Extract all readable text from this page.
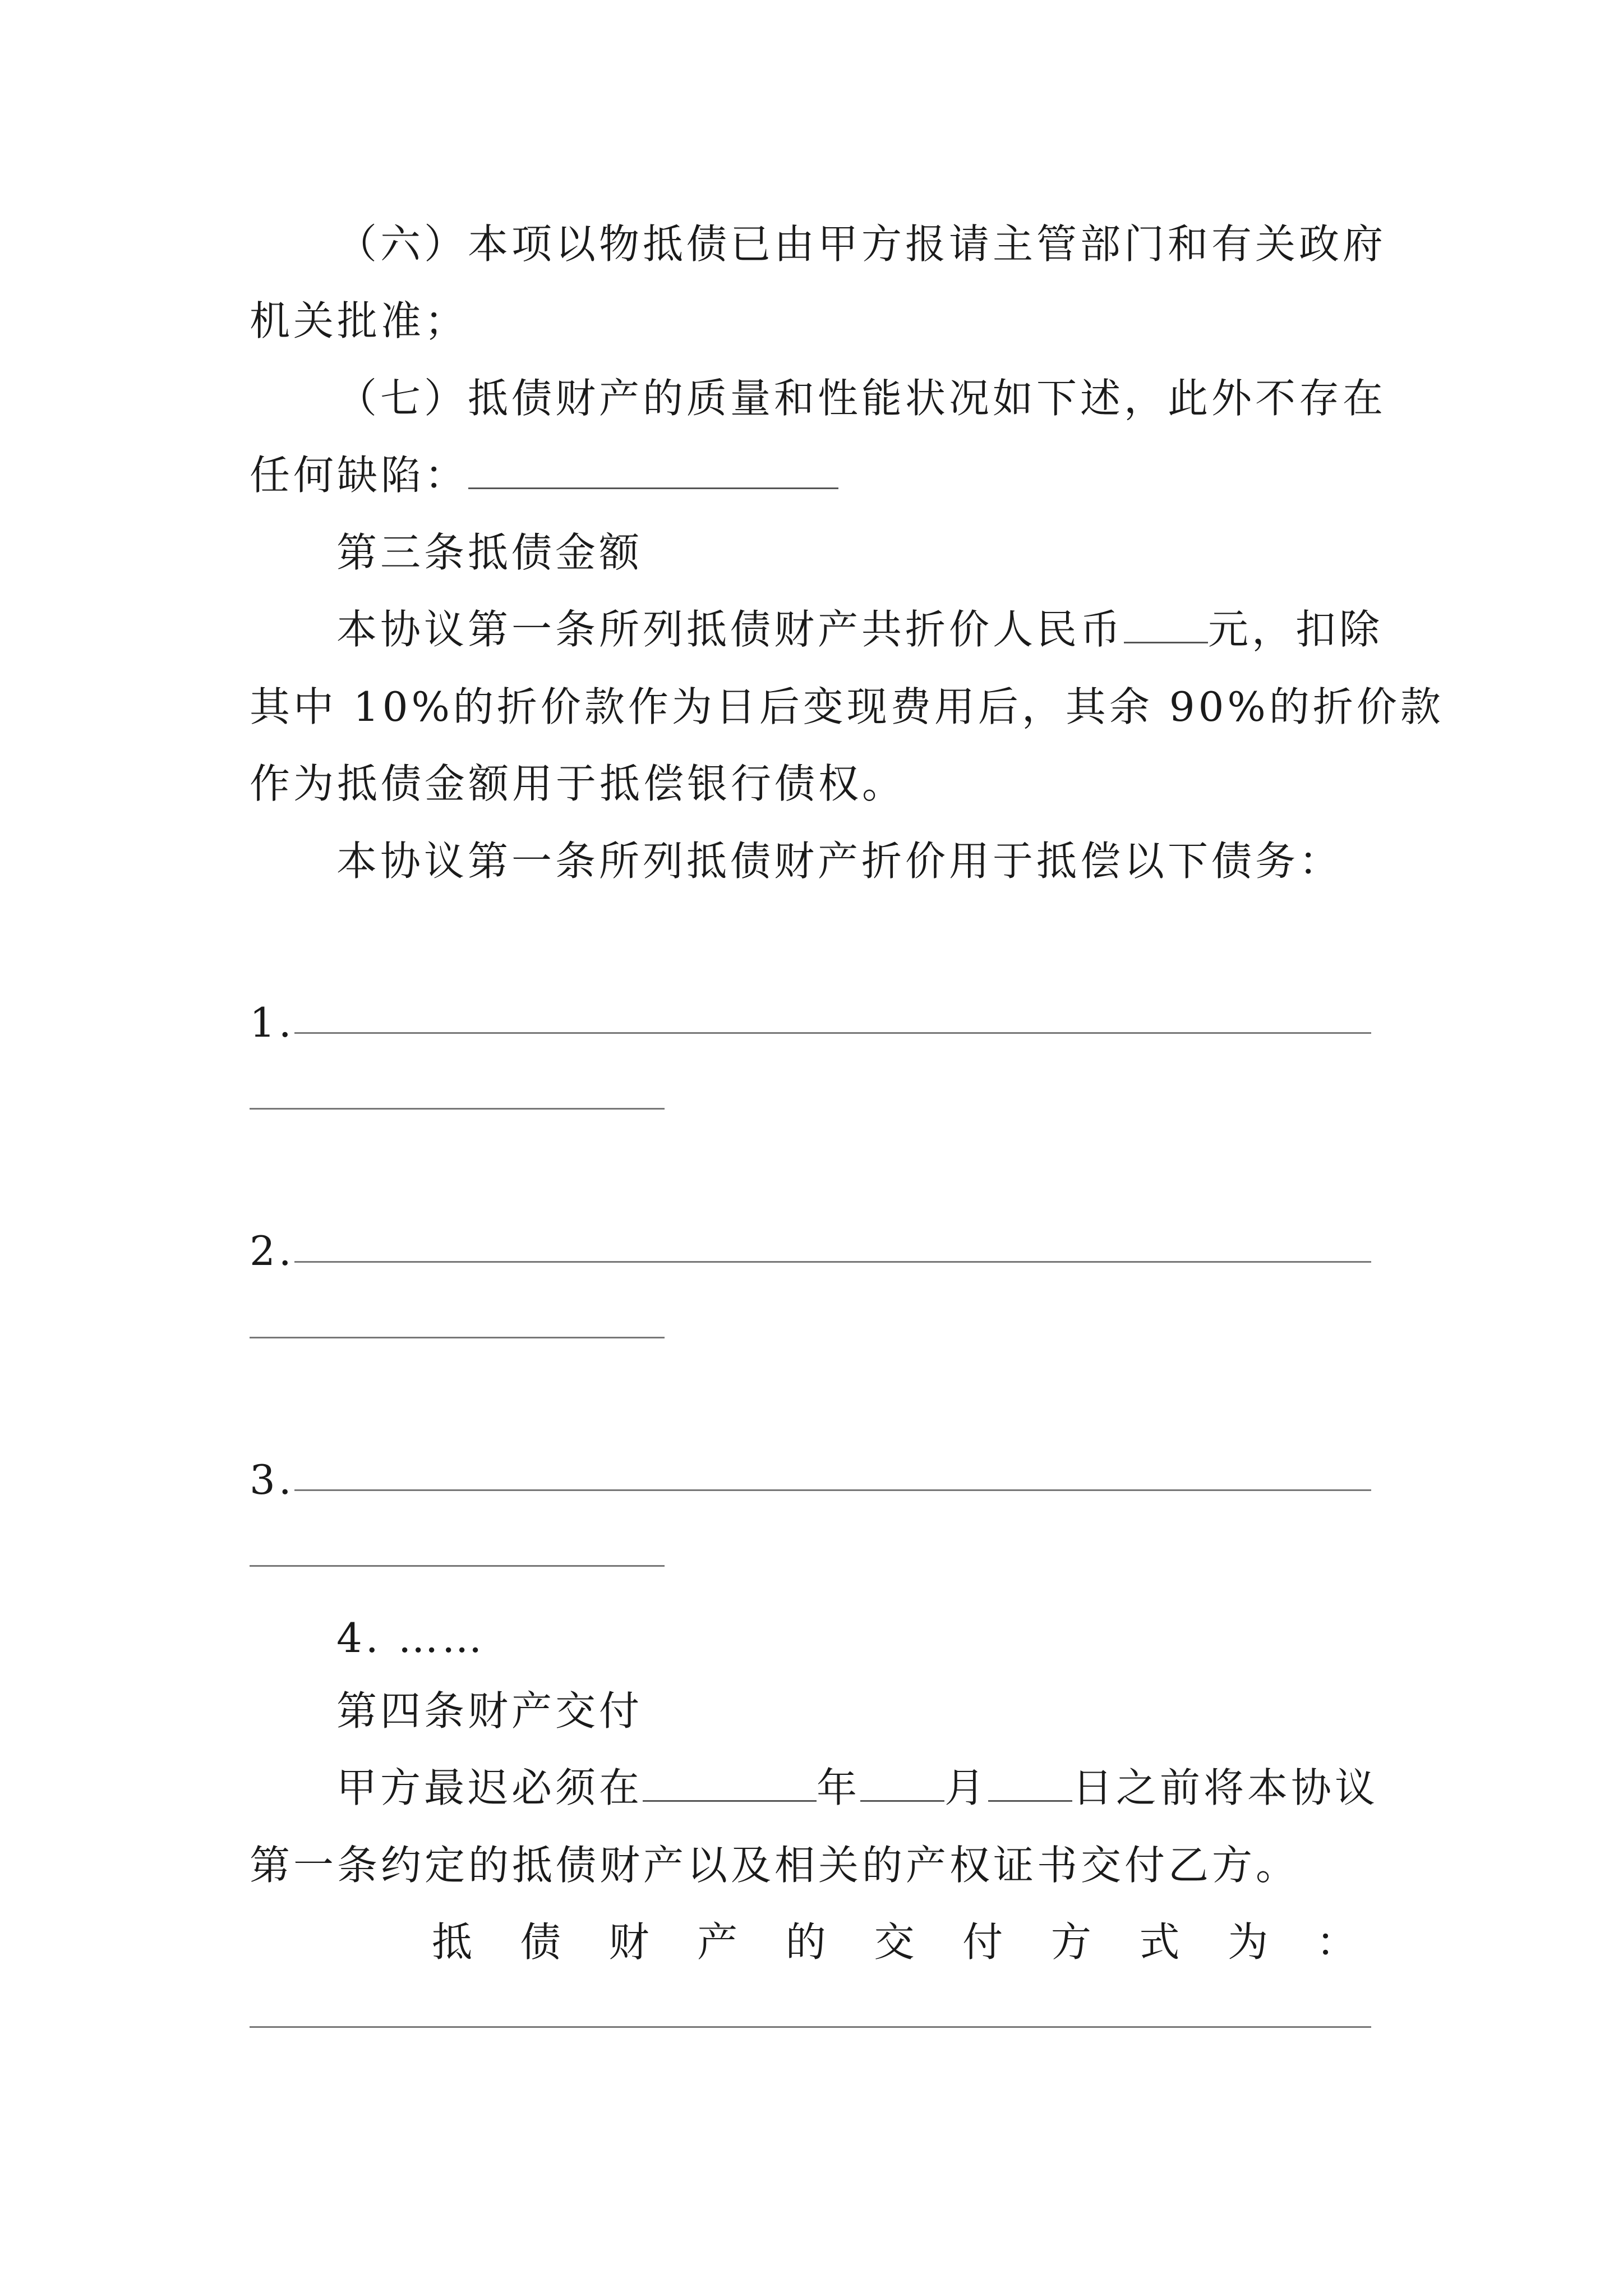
（六）本项以物抵债已由甲方报请主管部门和有关政府
机关批准；
（七）抵债财产的质量和性能状况如下述，此外不存在
任何缺陷：
第三条抵债金额
本协议第一条所列抵债财产共折价人民币 元，扣除
其中 10%的折价款作为日后变现费用后，其余 90%的折价款
作为抵债金额用于抵偿银行债权。
本协议第一条所列抵债财产折价用于抵偿以下债务：
1.
2.
3.
4. ……
第四条财产交付
甲方最迟必须在	年 月 日之前将本协议
第一条约定的抵债财产以及相关的产权证书交付乙方。
抵 债 财 产 的 交 付 方 式 为 ：
